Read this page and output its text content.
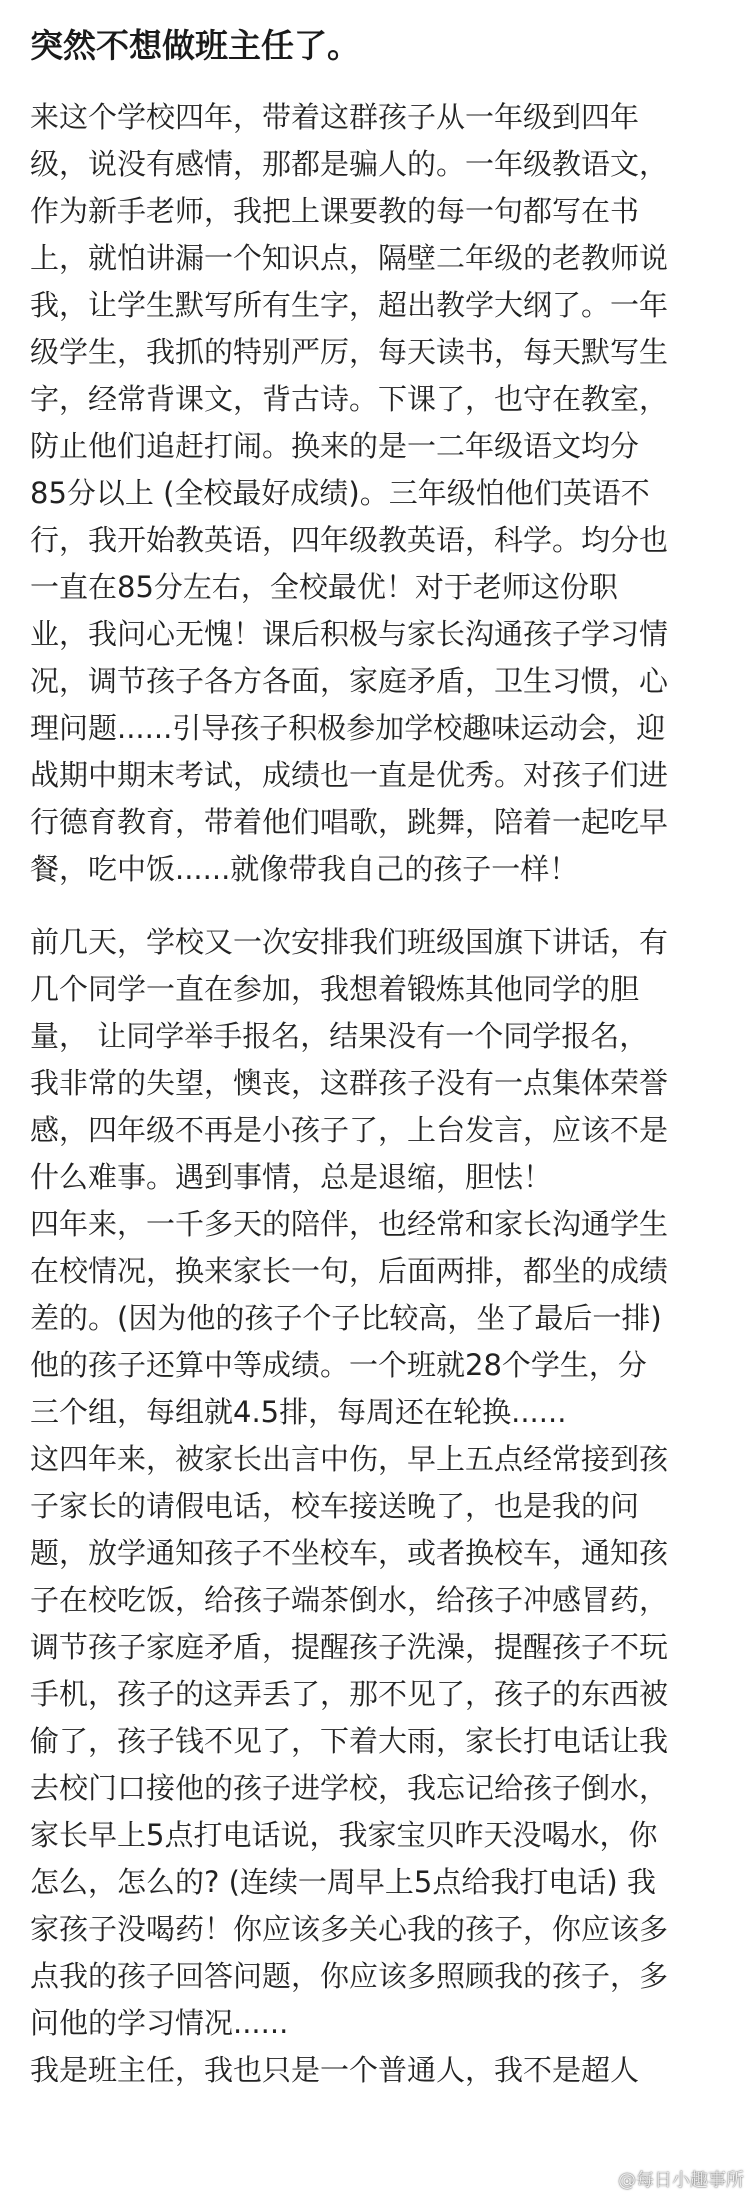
突然不想做班主任了。
来这个学校四年，带着这群孩子从一年级到四年
级，说没有感情，那都是骗人的。一年级教语文，
作为新手老师，我把上课要教的每一句都写在书
上，就怕讲漏一个知识点，隔壁二年级的老教师说
我，让学生默写所有生字，超出教学大纲了。一年
级学生，我抓的特别严厉，每天读书，每天默写生
字，经常背课文，背古诗。下课了，也守在教室，
防止他们追赶打闹。换来的是一二年级语文均分
85分以上 (全校最好成绩)。三年级怕他们英语不
行，我开始教英语，四年级教英语，科学。均分也
一直在85分左右，全校最优！对于老师这份职
业，我问心无愧！课后积极与家长沟通孩子学习情
况，调节孩子各方各面，家庭矛盾，卫生习惯，心
理问题......引导孩子积极参加学校趣味运动会，迎
战期中期末考试，成绩也一直是优秀。对孩子们进
行德育教育，带着他们唱歌，跳舞，陪着一起吃早
餐，吃中饭......就像带我自己的孩子一样！
前几天，学校又一次安排我们班级国旗下讲话，有
几个同学一直在参加，我想着锻炼其他同学的胆
量， 让同学举手报名，结果没有一个同学报名，
我非常的失望，懊丧，这群孩子没有一点集体荣誉
感，四年级不再是小孩子了，上台发言，应该不是
什么难事。遇到事情，总是退缩，胆怯！
四年来，一千多天的陪伴，也经常和家长沟通学生
在校情况，换来家长一句，后面两排，都坐的成绩
差的。(因为他的孩子个子比较高，坐了最后一排)
他的孩子还算中等成绩。一个班就28个学生，分
三个组，每组就4.5排，每周还在轮换......
这四年来，被家长出言中伤，早上五点经常接到孩
子家长的请假电话，校车接送晚了，也是我的问
题，放学通知孩子不坐校车，或者换校车，通知孩
子在校吃饭，给孩子端茶倒水，给孩子冲感冒药，
调节孩子家庭矛盾，提醒孩子洗澡，提醒孩子不玩
手机，孩子的这弄丢了，那不见了，孩子的东西被
偷了，孩子钱不见了，下着大雨，家长打电话让我
去校门口接他的孩子进学校，我忘记给孩子倒水，
家长早上5点打电话说，我家宝贝昨天没喝水，你
怎么，怎么的? (连续一周早上5点给我打电话) 我
家孩子没喝药！你应该多关心我的孩子，你应该多
点我的孩子回答问题，你应该多照顾我的孩子，多
问他的学习情况......
我是班主任，我也只是一个普通人，我不是超人
@每日小趣事所
